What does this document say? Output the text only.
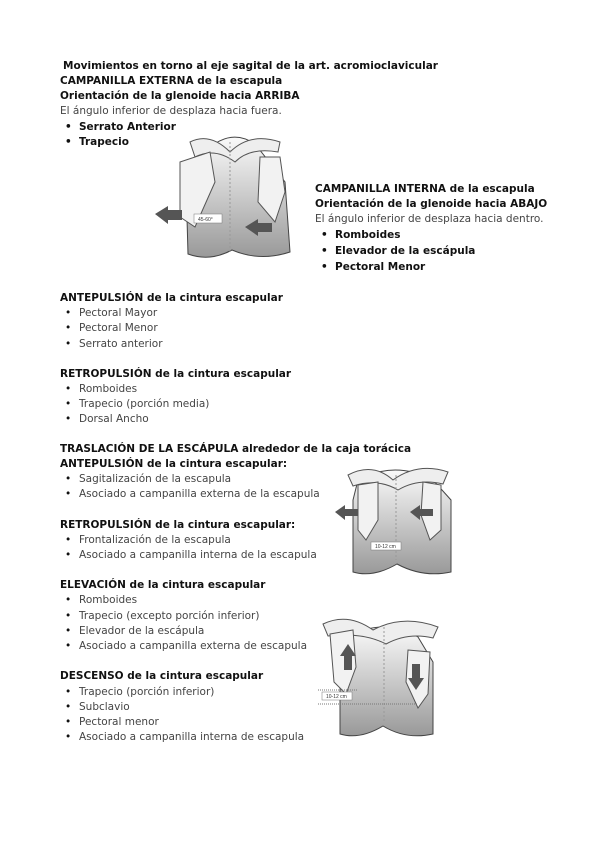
Movimientos en torno al eje sagital de la art. acromioclavicular
CAMPANILLA EXTERNA de la escapula
Orientación de la glenoide hacia ARRIBA
El ángulo inferior de desplaza hacia fuera.
• Serrato Anterior
• Trapecio
45-60°
CAMPANILLA INTERNA de la escapula
Orientación de la glenoide hacia ABAJO
El ángulo inferior de desplaza hacia dentro.
• Romboides
• Elevador de la escápula
• Pectoral Menor
ANTEPULSIÓN de la cintura escapular
• Pectoral Mayor
• Pectoral Menor
• Serrato anterior
RETROPULSIÓN de la cintura escapular
• Romboides
• Trapecio (porción media)
• Dorsal Ancho
TRASLACIÓN DE LA ESCÁPULA alrededor de la caja torácica
ANTEPULSIÓN de la cintura escapular:
• Sagitalización de la escapula
• Asociado a campanilla externa de la escapula
RETROPULSIÓN de la cintura escapular:
• Frontalización de la escapula
• Asociado a campanilla interna de la escapula
10-12 cm
ELEVACIÓN de la cintura escapular
• Romboides
• Trapecio (excepto porción inferior)
• Elevador de la escápula
• Asociado a campanilla externa de escapula
DESCENSO de la cintura escapular
• Trapecio (porción inferior)
• Subclavio
• Pectoral menor
• Asociado a campanilla interna de escapula
10-12 cm
